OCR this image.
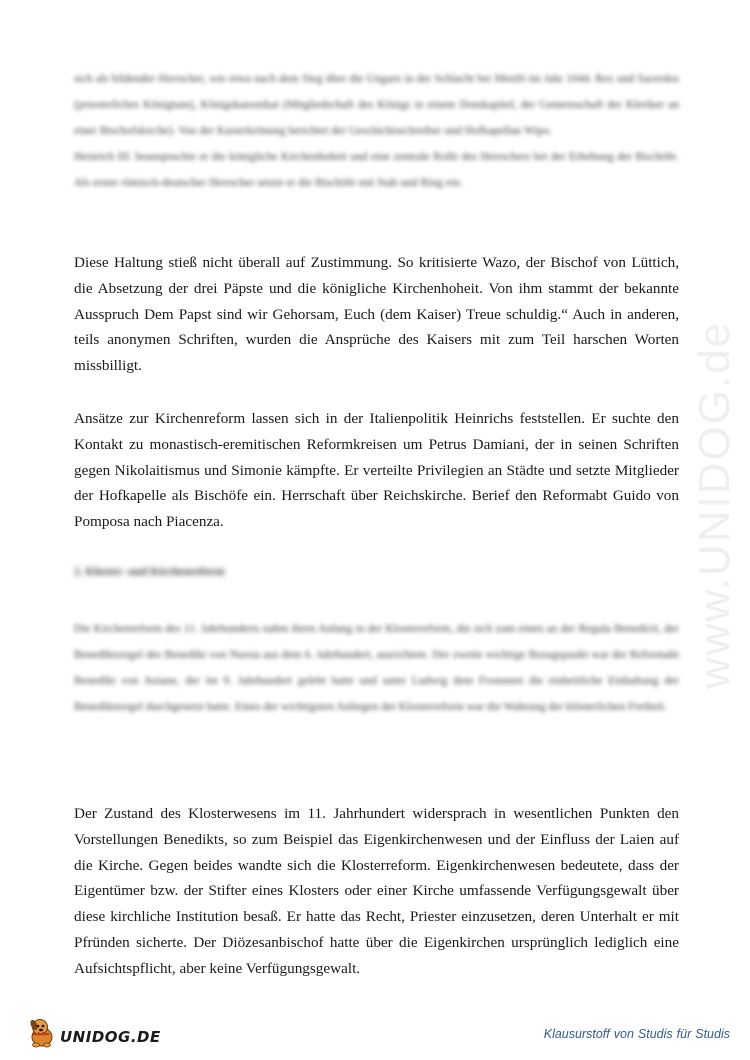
www.UNIDOG.de

sich als bildender Herrscher, wie etwa nach dem Sieg über die Ungarn in der Schlacht bei Menfö im Jahr 1044. Rex und Sacerdos (priesterliches Königtum), Königskanonikat (Mitgliedschaft des Königs in einem Domkapitel, der Gemeinschaft der Kleriker an einer Bischofskirche). Von der Kaiserkrönung berichtet der Geschichtsschreiber und Hofkapellan Wipo.

Heinrich III. beanspruchte er die königliche Kirchenhoheit und eine zentrale Rolle des Herrschers bei der Erhebung der Bischöfe. Als erster römisch-deutscher Herrscher setzte er die Bischöfe mit Stab und Ring ein.

Diese Haltung stieß nicht überall auf Zustimmung. So kritisierte Wazo, der Bischof von Lüttich, die Absetzung der drei Päpste und die königliche Kirchenhoheit. Von ihm stammt der bekannte Ausspruch Dem Papst sind wir Gehorsam, Euch (dem Kaiser) Treue schuldig.“ Auch in anderen, teils anonymen Schriften, wurden die Ansprüche des Kaisers mit zum Teil harschen Worten missbilligt.

Ansätze zur Kirchenreform lassen sich in der Italienpolitik Heinrichs feststellen. Er suchte den Kontakt zu monastisch-eremitischen Reformkreisen um Petrus Damiani, der in seinen Schriften gegen Nikolaitismus und Simonie kämpfte. Er verteilte Privilegien an Städte und setzte Mitglieder der Hofkapelle als Bischöfe ein. Herrschaft über Reichskirche. Berief den Reformabt Guido von Pomposa nach Piacenza.

2. Kloster- und Kirchenreform

Die Kirchenreform des 11. Jahrhunderts nahm ihren Anfang in der Klosterreform, die sich zum einen an der Regula Benedicti, der Benediktsregel des Benedikt von Nursia aus dem 6. Jahrhundert, ausrichtete. Der zweite wichtige Bezugspunkt war der Reformabt Benedikt von Aniane, der im 9. Jahrhundert gelebt hatte und unter Ludwig dem Frommen die einheitliche Einhaltung der Benediktsregel durchgesetzt hatte. Eines der wichtigsten Anliegen der Klosterreform war die Wahrung der klösterlichen Freiheit.

Der Zustand des Klosterwesens im 11. Jahrhundert widersprach in wesentlichen Punkten den Vorstellungen Benedikts, so zum Beispiel das Eigenkirchenwesen und der Einfluss der Laien auf die Kirche. Gegen beides wandte sich die Klosterreform. Eigenkirchenwesen bedeutete, dass der Eigentümer bzw. der Stifter eines Klosters oder einer Kirche umfassende Verfügungsgewalt über diese kirchliche Institution besaß. Er hatte das Recht, Priester einzusetzen, deren Unterhalt er mit Pfründen sicherte. Der Diözesanbischof hatte über die Eigenkirchen ursprünglich lediglich eine Aufsichtspflicht, aber keine Verfügungsgewalt.

UNIDOG.DE	Klausurstoff von Studis für Studis
